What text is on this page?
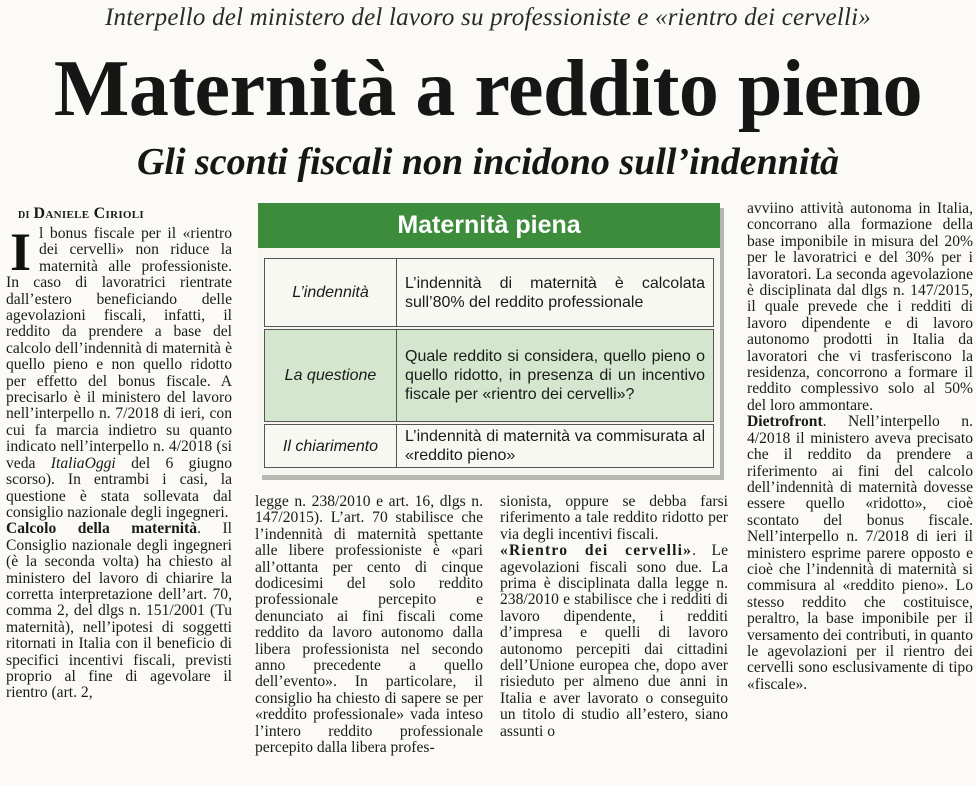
Interpello del ministero del lavoro su professioniste e «rientro dei cervelli»
Maternità a reddito pieno
Gli sconti fiscali non incidono sull’indennità
di Daniele Cirioli	Maternità piena
L’indennità
L’indennità di maternità è calcolata sull’80% del reddito professionale
La questione
Quale reddito si considera, quello pieno o quello ridotto, in presenza di un incentivo fiscale per «rientro dei cervelli»?
Il chiarimento
L’indennità di maternità va commisurata al «reddito pieno»

Il bonus fiscale per il «rientro dei cervelli» non riduce la maternità alle professioniste. In caso di lavoratrici rientrate dall’estero beneficiando delle agevolazioni fiscali, infatti, il reddito da prendere a base del calcolo dell’indennità di maternità è quello pieno e non quello ridotto per effetto del bonus fiscale. A precisarlo è il ministero del lavoro nell’interpello n. 7/2018 di ieri, con cui fa marcia indietro su quanto indicato nell’interpello n. 4/2018 (si veda ItaliaOggi del 6 giugno scorso). In entrambi i casi, la questione è stata sollevata dal consiglio nazionale degli ingegneri.

Calcolo della maternità. Il Consiglio nazionale degli ingegneri (è la seconda volta) ha chiesto al ministero del lavoro di chiarire la corretta interpretazione dell’art. 70, comma 2, del dlgs n. 151/2001 (Tu maternità), nell’ipotesi di soggetti ritornati in Italia con il beneficio di specifici incentivi fiscali, previsti proprio al fine di agevolare il rientro (art. 2,

legge n. 238/2010 e art. 16, dlgs n. 147/2015). L’art. 70 stabilisce che l’indennità di maternità spettante alle libere professioniste è «pari all’ottanta per cento di cinque dodicesimi del solo reddito professionale percepito e denunciato ai fini fiscali come reddito da lavoro autonomo dalla libera professionista nel secondo anno precedente a quello dell’evento». In particolare, il consiglio ha chiesto di sapere se per «reddito professionale» vada inteso l’intero reddito professionale percepito dalla libera profes-

sionista, oppure se debba farsi riferimento a tale reddito ridotto per via degli incentivi fiscali.

«Rientro dei cervelli». Le agevolazioni fiscali sono due. La prima è disciplinata dalla legge n. 238/2010 e stabilisce che i redditi di lavoro dipendente, i redditi d’impresa e quelli di lavoro autonomo percepiti dai cittadini dell’Unione europea che, dopo aver risieduto per almeno due anni in Italia e aver lavorato o conseguito un titolo di studio all’estero, siano assunti o

avviino attività autonoma in Italia, concorrano alla formazione della base imponibile in misura del 20% per le lavoratrici e del 30% per i lavoratori. La seconda agevolazione è disciplinata dal dlgs n. 147/2015, il quale prevede che i redditi di lavoro dipendente e di lavoro autonomo prodotti in Italia da lavoratori che vi trasferiscono la residenza, concorrono a formare il reddito complessivo solo al 50% del loro ammontare.

Dietrofront. Nell’interpello n. 4/2018 il ministero aveva precisato che il reddito da prendere a riferimento ai fini del calcolo dell’indennità di maternità dovesse essere quello «ridotto», cioè scontato del bonus fiscale. Nell’interpello n. 7/2018 di ieri il ministero esprime parere opposto e cioè che l’indennità di maternità si commisura al «reddito pieno». Lo stesso reddito che costituisce, peraltro, la base imponibile per il versamento dei contributi, in quanto le agevolazioni per il rientro dei cervelli sono esclusivamente di tipo «fiscale».
